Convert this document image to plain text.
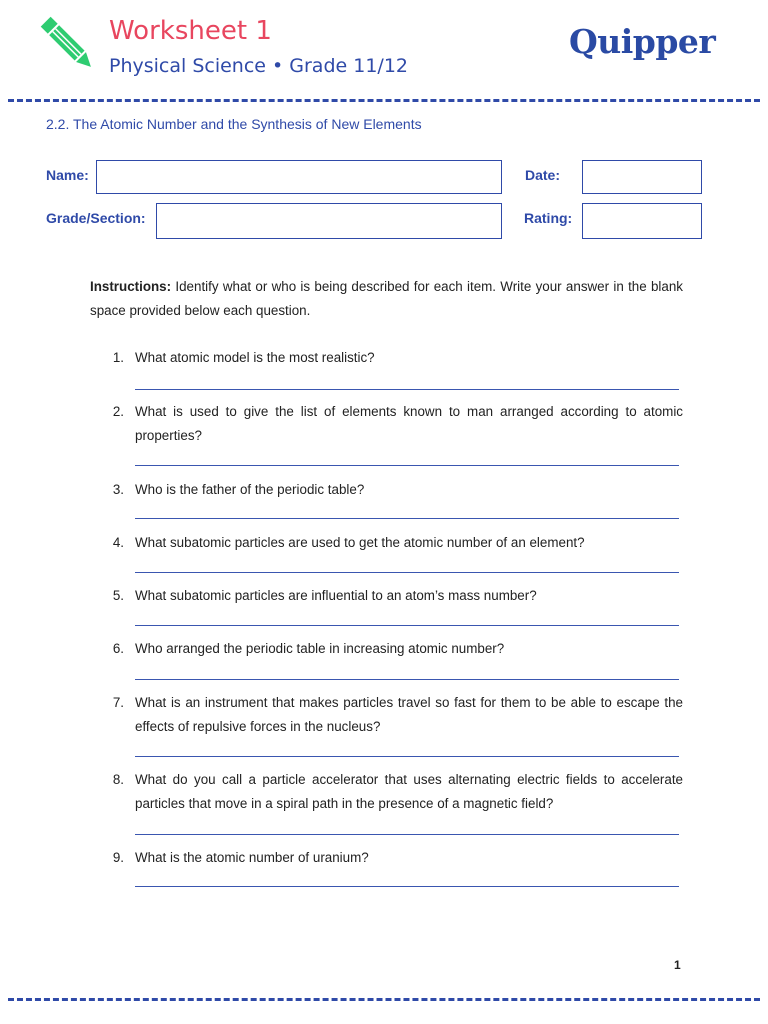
Worksheet 1
Physical Science • Grade 11/12
Quipper
2.2. The Atomic Number and the Synthesis of New Elements
Name:	Date:
Grade/Section:	Rating:
Instructions: Identify what or who is being described for each item. Write your answer in the blank space provided below each question.
1. What atomic model is the most realistic?
2. What is used to give the list of elements known to man arranged according to atomic properties?
3. Who is the father of the periodic table?
4. What subatomic particles are used to get the atomic number of an element?
5. What subatomic particles are influential to an atom’s mass number?
6. Who arranged the periodic table in increasing atomic number?
7. What is an instrument that makes particles travel so fast for them to be able to escape the effects of repulsive forces in the nucleus?
8. What do you call a particle accelerator that uses alternating electric fields to accelerate particles that move in a spiral path in the presence of a magnetic field?
9. What is the atomic number of uranium?
1
